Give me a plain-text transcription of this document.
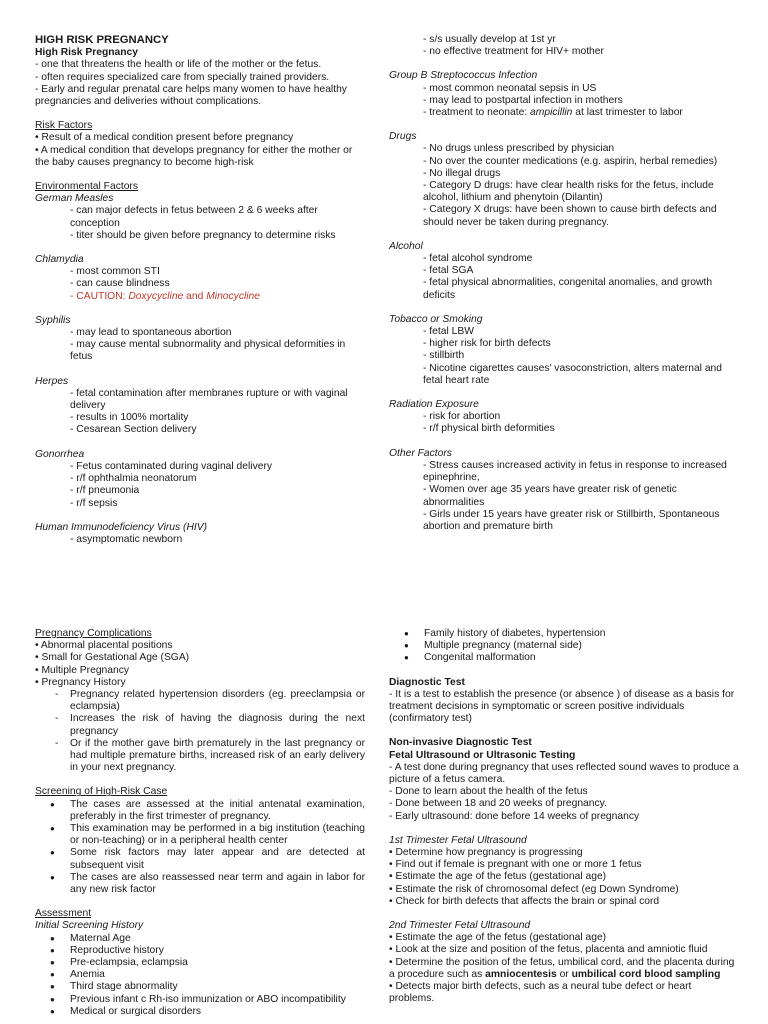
HIGH RISK PREGNANCY

High Risk Pregnancy

- one that threatens the health or life of the mother or the fetus.

- often requires specialized care from specially trained providers.

- Early and regular prenatal care helps many women to have healthy pregnancies and deliveries without complications.

Risk Factors

• Result of a medical condition present before pregnancy

• A medical condition that develops pregnancy for either the mother or the baby causes pregnancy to become high-risk

Environmental Factors

German Measles

- can major defects in fetus between 2 & 6 weeks after conception

- titer should be given before pregnancy to determine risks

Chlamydia

- most common STI

- can cause blindness

- CAUTION: Doxycycline and Minocycline

Syphilis

- may lead to spontaneous abortion

- may cause mental subnormality and physical deformities in fetus

Herpes

- fetal contamination after membranes rupture or with vaginal delivery

- results in 100% mortality

- Cesarean Section delivery

Gonorrhea

- Fetus contaminated during vaginal delivery

- r/f ophthalmia neonatorum

- r/f pneumonia

- r/f sepsis

Human Immunodeficiency Virus (HIV)

- asymptomatic newborn

- s/s usually develop at 1st yr

- no effective treatment for HIV+ mother

Group B Streptococcus Infection

- most common neonatal sepsis in US

- may lead to postpartal infection in mothers

- treatment to neonate: ampicillin at last trimester to labor

Drugs

- No drugs unless prescribed by physician

- No over the counter medications (e.g. aspirin, herbal remedies)

- No illegal drugs

- Category D drugs: have clear health risks for the fetus, include alcohol, lithium and phenytoin (Dilantin)

- Category X drugs: have been shown to cause birth defects and should never be taken during pregnancy.

Alcohol

- fetal alcohol syndrome

- fetal SGA

- fetal physical abnormalities, congenital anomalies, and growth deficits

Tobacco or Smoking

- fetal LBW

- higher risk for birth defects

- stillbirth

- Nicotine cigarettes causes' vasoconstriction, alters maternal and fetal heart rate

Radiation Exposure

- risk for abortion

- r/f physical birth deformities

Other Factors

- Stress causes increased activity in fetus in response to increased epinephrine,

- Women over age 35 years have greater risk of genetic abnormalities

- Girls under 15 years have greater risk or Stillbirth, Spontaneous abortion and premature birth

Pregnancy Complications

• Abnormal placental positions

• Small for Gestational Age (SGA)

• Multiple Pregnancy

• Pregnancy History

- Pregnancy related hypertension disorders (eg. preeclampsia or eclampsia)
- Increases the risk of having the diagnosis during the next pregnancy
- Or if the mother gave birth prematurely in the last pregnancy or had multiple premature births, increased risk of an early delivery in your next pregnancy.

Screening of High-Risk Case

● The cases are assessed at the initial antenatal examination, preferably in the first trimester of pregnancy.
● This examination may be performed in a big institution (teaching or non-teaching) or in a peripheral health center
● Some risk factors may later appear and are detected at subsequent visit
● The cases are also reassessed near term and again in labor for any new risk factor

Assessment

Initial Screening History

● Maternal Age
● Reproductive history
● Pre-eclampsia, eclampsia
● Anemia
● Third stage abnormality
● Previous infant c Rh-iso immunization or ABO incompatibility
● Medical or surgical disorders
● Family history of diabetes, hypertension
● Multiple pregnancy (maternal side)
● Congenital malformation

Diagnostic Test

- It is a test to establish the presence (or absence ) of disease as a basis for treatment decisions in symptomatic or screen positive individuals (confirmatory test)

Non-invasive Diagnostic Test

Fetal Ultrasound or Ultrasonic Testing

- A test done during pregnancy that uses reflected sound waves to produce a picture of a fetus camera.

- Done to learn about the health of the fetus

- Done between 18 and 20 weeks of pregnancy.

- Early ultrasound: done before 14 weeks of pregnancy

1st Trimester Fetal Ultrasound

• Determine how pregnancy is progressing

• Find out if female is pregnant with one or more 1 fetus

• Estimate the age of the fetus (gestational age)

• Estimate the risk of chromosomal defect (eg Down Syndrome)

• Check for birth defects that affects the brain or spinal cord

2nd Trimester Fetal Ultrasound

• Estimate the age of the fetus (gestational age)

• Look at the size and position of the fetus, placenta and amniotic fluid

• Determine the position of the fetus, umbilical cord, and the placenta during a procedure such as amniocentesis or umbilical cord blood sampling

• Detects major birth defects, such as a neural tube defect or heart problems.
